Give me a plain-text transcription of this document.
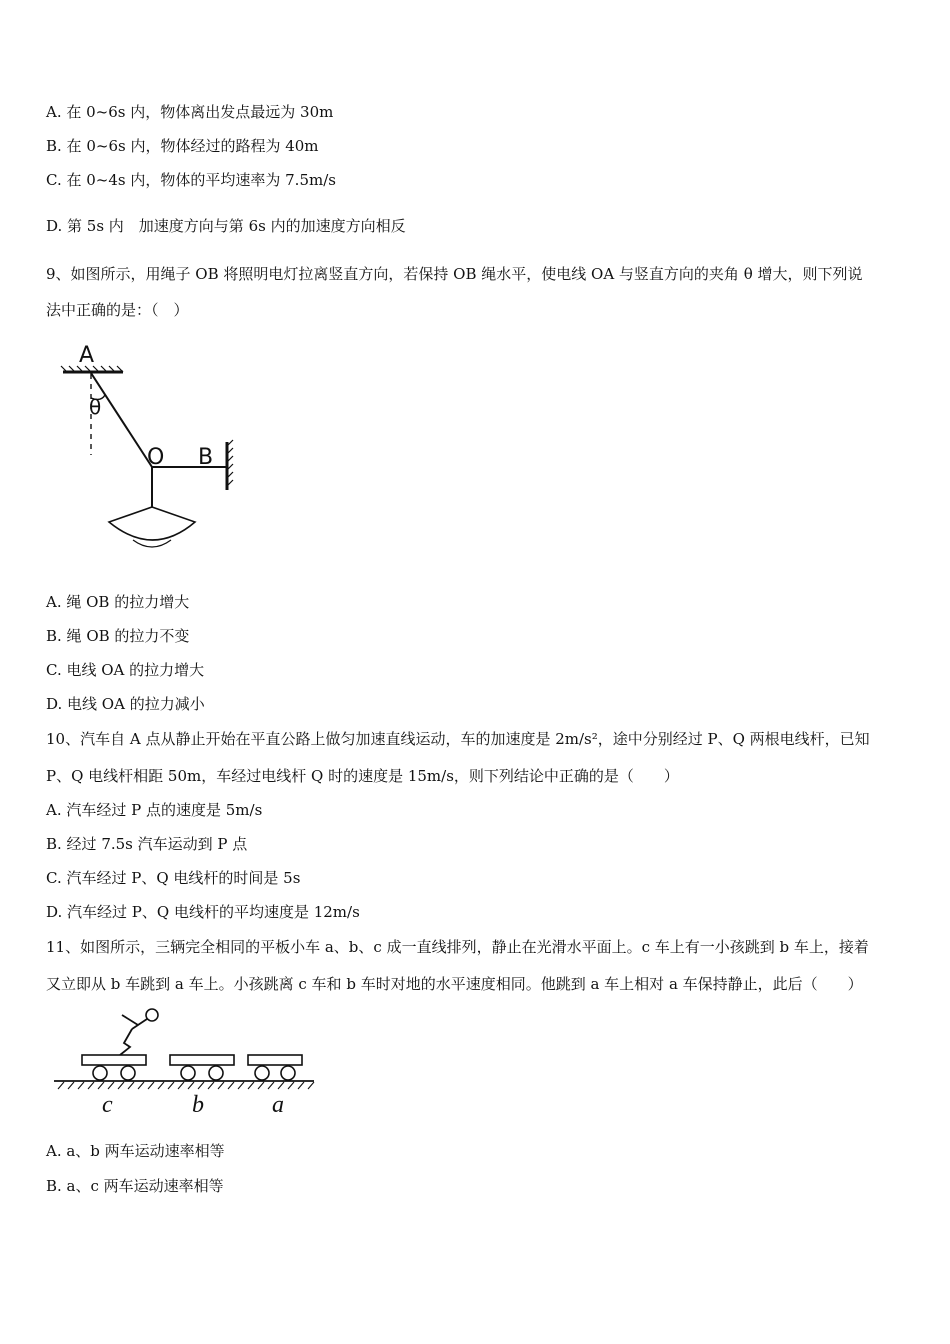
A. 在 0~6s 内，物体离出发点最远为 30m
B. 在 0~6s 内，物体经过的路程为 40m
C. 在 0~4s 内，物体的平均速率为 7.5m/s
D. 第 5s 内　加速度方向与第 6s 内的加速度方向相反
9、如图所示，用绳子 OB 将照明电灯拉离竖直方向，若保持 OB 绳水平，使电线 OA 与竖直方向的夹角 θ 增大，则下列说
法中正确的是：（　）
A
θ
O B
A. 绳 OB 的拉力增大
B. 绳 OB 的拉力不变
C. 电线 OA 的拉力增大
D. 电线 OA 的拉力减小
10、汽车自 A 点从静止开始在平直公路上做匀加速直线运动，车的加速度是 2m/s²，途中分别经过 P、Q 两根电线杆，已知
P、Q 电线杆相距 50m，车经过电线杆 Q 时的速度是 15m/s，则下列结论中正确的是（　　）
A. 汽车经过 P 点的速度是 5m/s
B. 经过 7.5s 汽车运动到 P 点
C. 汽车经过 P、Q 电线杆的时间是 5s
D. 汽车经过 P、Q 电线杆的平均速度是 12m/s
11、如图所示，三辆完全相同的平板小车 a、b、c 成一直线排列，静止在光滑水平面上。c 车上有一小孩跳到 b 车上，接着
又立即从 b 车跳到 a 车上。小孩跳离 c 车和 b 车时对地的水平速度相同。他跳到 a 车上相对 a 车保持静止，此后（　　）
c	b	a
A. a、b 两车运动速率相等
B. a、c 两车运动速率相等
